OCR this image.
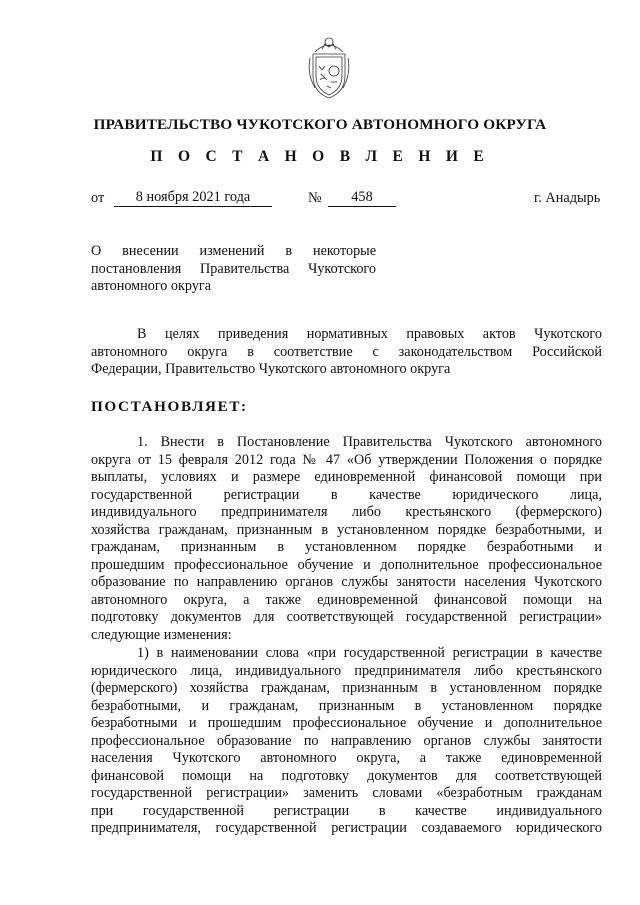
ПРАВИТЕЛЬСТВО ЧУКОТСКОГО АВТОНОМНОГО ОКРУГА
П О С Т А Н О В Л Е Н И Е
от	8 ноября 2021 года	№	458	г. Анадырь
О внесении изменений в некоторые
постановления Правительства Чукотского
автономного округа
В целях приведения нормативных правовых актов Чукотского
автономного округа в соответствие с законодательством Российской
Федерации, Правительство Чукотского автономного округа
ПОСТАНОВЛЯЕТ:
1. Внести в Постановление Правительства Чукотского автономного
округа от 15 февраля 2012 года № 47 «Об утверждении Положения о порядке
выплаты, условиях и размере единовременной финансовой помощи при
государственной регистрации в качестве юридического лица,
индивидуального предпринимателя либо крестьянского (фермерского)
хозяйства гражданам, признанным в установленном порядке безработными, и
гражданам, признанным в установленном порядке безработными и
прошедшим профессиональное обучение и дополнительное профессиональное
образование по направлению органов службы занятости населения Чукотского
автономного округа, а также единовременной финансовой помощи на
подготовку документов для соответствующей государственной регистрации»
следующие изменения:
1) в наименовании слова «при государственной регистрации в качестве
юридического лица, индивидуального предпринимателя либо крестьянского
(фермерского) хозяйства гражданам, признанным в установленном порядке
безработными, и гражданам, признанным в установленном порядке
безработными и прошедшим профессиональное обучение и дополнительное
профессиональное образование по направлению органов службы занятости
населения Чукотского автономного округа, а также единовременной
финансовой помощи на подготовку документов для соответствующей
государственной регистрации» заменить словами «безработным гражданам
при государственной регистрации в качестве индивидуального
предпринимателя, государственной регистрации создаваемого юридического
